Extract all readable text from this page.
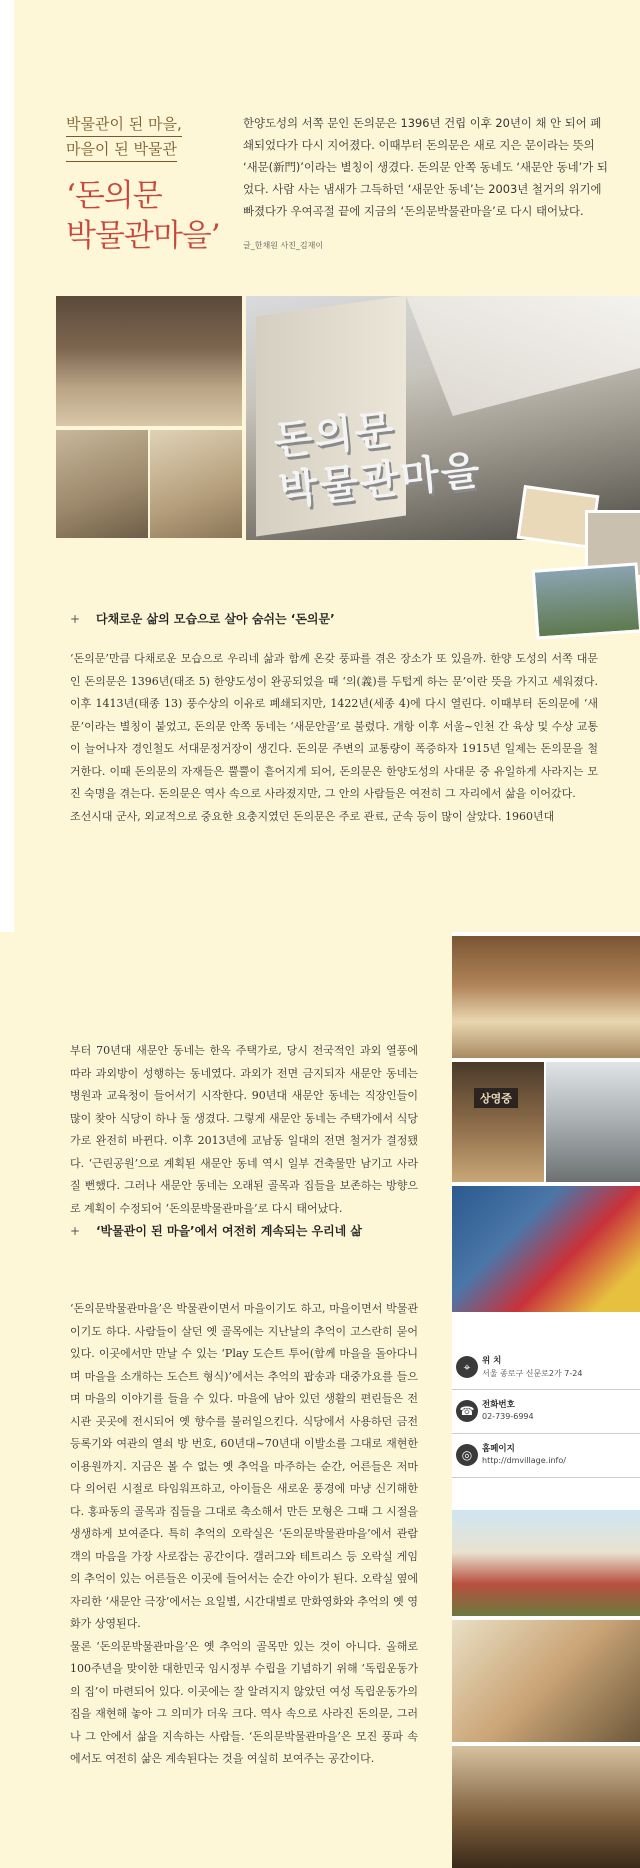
박물관이 된 마을,
마을이 된 박물관
‘돈의문
박물관마을’
한양도성의 서쪽 문인 돈의문은 1396년 건립 이후 20년이 채 안 되어 폐쇄되었다가 다시 지어졌다. 이때부터 돈의문은 새로 지은 문이라는 뜻의 ‘새문(新門)’이라는 별칭이 생겼다. 돈의문 안쪽 동네도 ‘새문안 동네’가 되었다. 사람 사는 냄새가 그득하던 ‘새문안 동네’는 2003년 철거의 위기에 빠졌다가 우여곡절 끝에 지금의 ‘돈의문박물관마을’로 다시 태어났다.
글_한채원 사진_김재이
돈의문
박물관마을
+ 다채로운 삶의 모습으로 살아 숨쉬는 ‘돈의문’
‘돈의문’만큼 다채로운 모습으로 우리네 삶과 함께 온갖 풍파를 겪은 장소가 또 있을까. 한양 도성의 서쪽 대문인 돈의문은 1396년(태조 5) 한양도성이 완공되었을 때 ‘의(義)를 두텁게 하는 문’이란 뜻을 가지고 세워졌다. 이후 1413년(태종 13) 풍수상의 이유로 폐쇄되지만, 1422년(세종 4)에 다시 열린다. 이때부터 돈의문에 ‘새문’이라는 별칭이 붙었고, 돈의문 안쪽 동네는 ‘새문안골’로 불렸다. 개항 이후 서울~인천 간 육상 및 수상 교통이 늘어나자 경인철도 서대문정거장이 생긴다. 돈의문 주변의 교통량이 폭증하자 1915년 일제는 돈의문을 철거한다. 이때 돈의문의 자재들은 뿔뿔이 흩어지게 되어, 돈의문은 한양도성의 사대문 중 유일하게 사라지는 모진 숙명을 겪는다. 돈의문은 역사 속으로 사라졌지만, 그 안의 사람들은 여전히 그 자리에서 삶을 이어갔다.
조선시대 군사, 외교적으로 중요한 요충지였던 돈의문은 주로 관료, 군속 등이 많이 살았다. 1960년대
부터 70년대 새문안 동네는 한옥 주택가로, 당시 전국적인 과외 열풍에 따라 과외방이 성행하는 동네였다. 과외가 전면 금지되자 새문안 동네는 병원과 교육청이 들어서기 시작한다. 90년대 새문안 동네는 직장인들이 많이 찾아 식당이 하나 둘 생겼다. 그렇게 새문안 동네는 주택가에서 식당가로 완전히 바뀐다. 이후 2013년에 교남동 일대의 전면 철거가 결정됐다. ‘근린공원’으로 계획된 새문안 동네 역시 일부 건축물만 남기고 사라질 뻔했다. 그러나 새문안 동네는 오래된 골목과 집들을 보존하는 방향으로 계획이 수정되어 ‘돈의문박물관마을’로 다시 태어났다.
+ ‘박물관이 된 마을’에서 여전히 계속되는 우리네 삶
‘돈의문박물관마을’은 박물관이면서 마을이기도 하고, 마을이면서 박물관이기도 하다. 사람들이 살던 옛 골목에는 지난날의 추억이 고스란히 묻어 있다. 이곳에서만 만날 수 있는 ‘Play 도슨트 투어(함께 마을을 돌아다니며 마을을 소개하는 도슨트 형식)’에서는 추억의 팝송과 대중가요를 들으며 마을의 이야기를 들을 수 있다. 마을에 남아 있던 생활의 편린들은 전시관 곳곳에 전시되어 옛 향수를 불러일으킨다. 식당에서 사용하던 금전등록기와 여관의 열쇠 방 번호, 60년대~70년대 이발소를 그대로 재현한 이용원까지. 지금은 볼 수 없는 옛 추억을 마주하는 순간, 어른들은 저마다 의어린 시절로 타임워프하고, 아이들은 새로운 풍경에 마냥 신기해한다. 홍파동의 골목과 집들을 그대로 축소해서 만든 모형은 그때 그 시절을 생생하게 보여준다. 특히 추억의 오락실은 ‘돈의문박물관마을’에서 관람객의 마음을 가장 사로잡는 공간이다. 갤러그와 테트리스 등 오락실 게임의 추억이 있는 어른들은 이곳에 들어서는 순간 아이가 된다. 오락실 옆에 자리한 ‘새문안 극장’에서는 요일별, 시간대별로 만화영화와 추억의 옛 영화가 상영된다.
물론 ‘돈의문박물관마을’은 옛 추억의 골목만 있는 것이 아니다. 올해로 100주년을 맞이한 대한민국 임시정부 수립을 기념하기 위해 ‘독립운동가의 집’이 마련되어 있다. 이곳에는 잘 알려지지 않았던 여성 독립운동가의 집을 재현해 놓아 그 의미가 더욱 크다. 역사 속으로 사라진 돈의문, 그러나 그 안에서 삶을 지속하는 사람들. ‘돈의문박물관마을’은 모진 풍파 속에서도 여전히 삶은 계속된다는 것을 여실히 보여주는 공간이다.
상영중
⌖	위 치
서울 종로구 신문로2가 7-24
☎ 전화번호
02-739-6994
◎	홈페이지
http://dmvillage.info/
